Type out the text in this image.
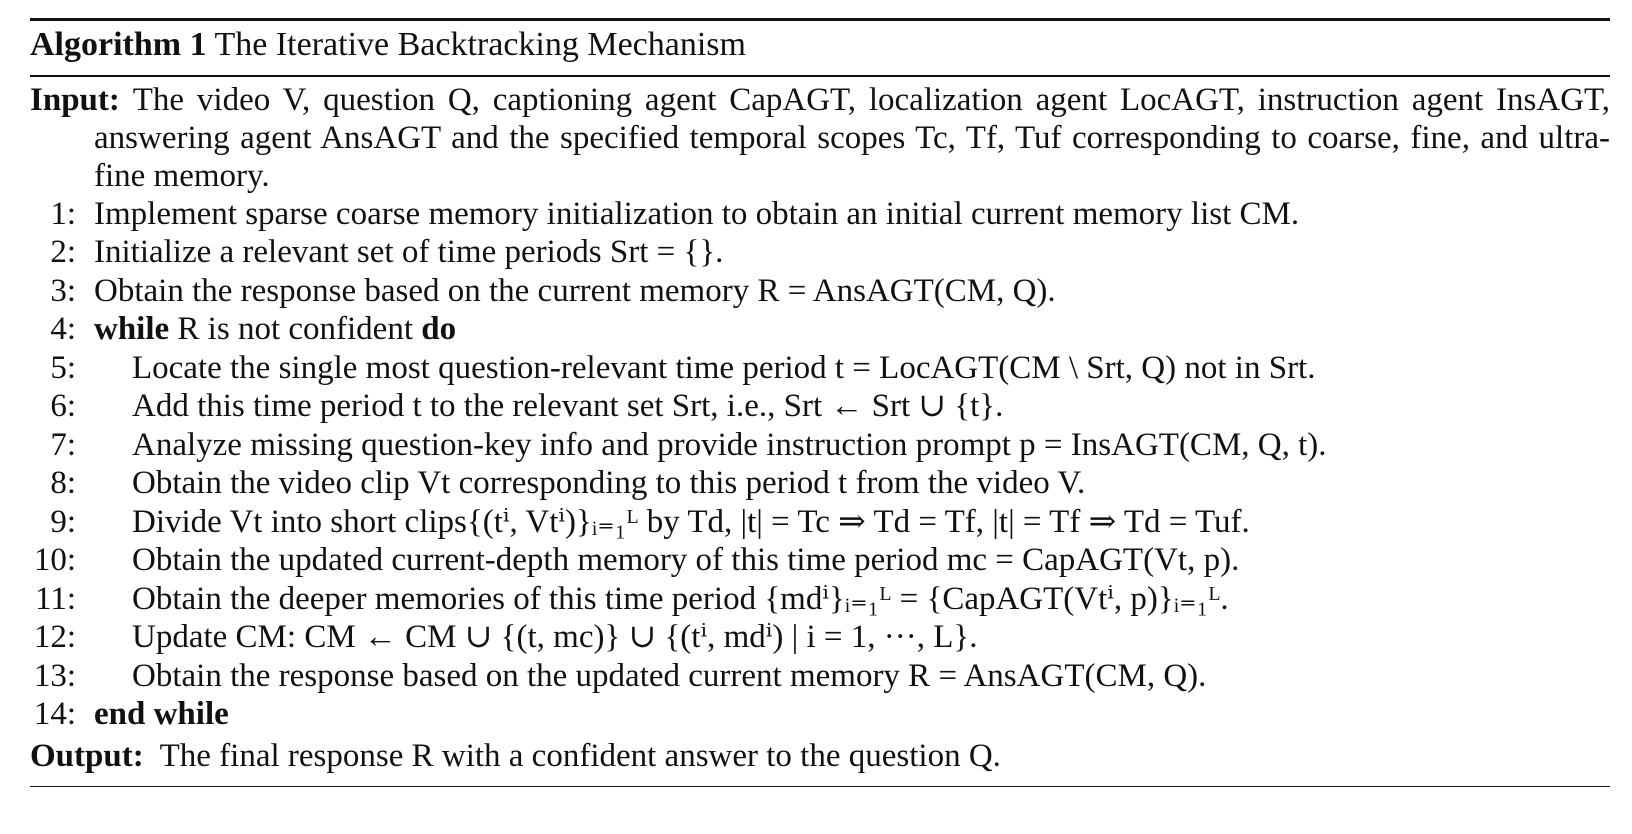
Algorithm 1 The Iterative Backtracking Mechanism
Input: The video V, question Q, captioning agent CapAGT, localization agent LocAGT, instruction agent InsAGT, answering agent AnsAGT and the specified temporal scopes Tc, Tf, Tuf corresponding to coarse, fine, and ultra-fine memory.
1: Implement sparse coarse memory initialization to obtain an initial current memory list CM.
2: Initialize a relevant set of time periods Srt = {}.
3: Obtain the response based on the current memory R = AnsAGT(CM, Q).
4: while R is not confident do
5: Locate the single most question-relevant time period t = LocAGT(CM \ Srt, Q) not in Srt.
6: Add this time period t to the relevant set Srt, i.e., Srt ← Srt ∪ {t}.
7: Analyze missing question-key info and provide instruction prompt p = InsAGT(CM, Q, t).
8: Obtain the video clip Vt corresponding to this period t from the video V.
9: Divide Vt into short clips{(tⁱ, Vtⁱ)}ᵢ₌₁ᴸ by Td, |t| = Tc ⇒ Td = Tf, |t| = Tf ⇒ Td = Tuf.
10: Obtain the updated current-depth memory of this time period mc = CapAGT(Vt, p).
11: Obtain the deeper memories of this time period {mdⁱ}ᵢ₌₁ᴸ = {CapAGT(Vtⁱ, p)}ᵢ₌₁ᴸ.
12: Update CM: CM ← CM ∪ {(t, mc)} ∪ {(tⁱ, mdⁱ) | i = 1, ···, L}.
13: Obtain the response based on the updated current memory R = AnsAGT(CM, Q).
14: end while
Output: The final response R with a confident answer to the question Q.
